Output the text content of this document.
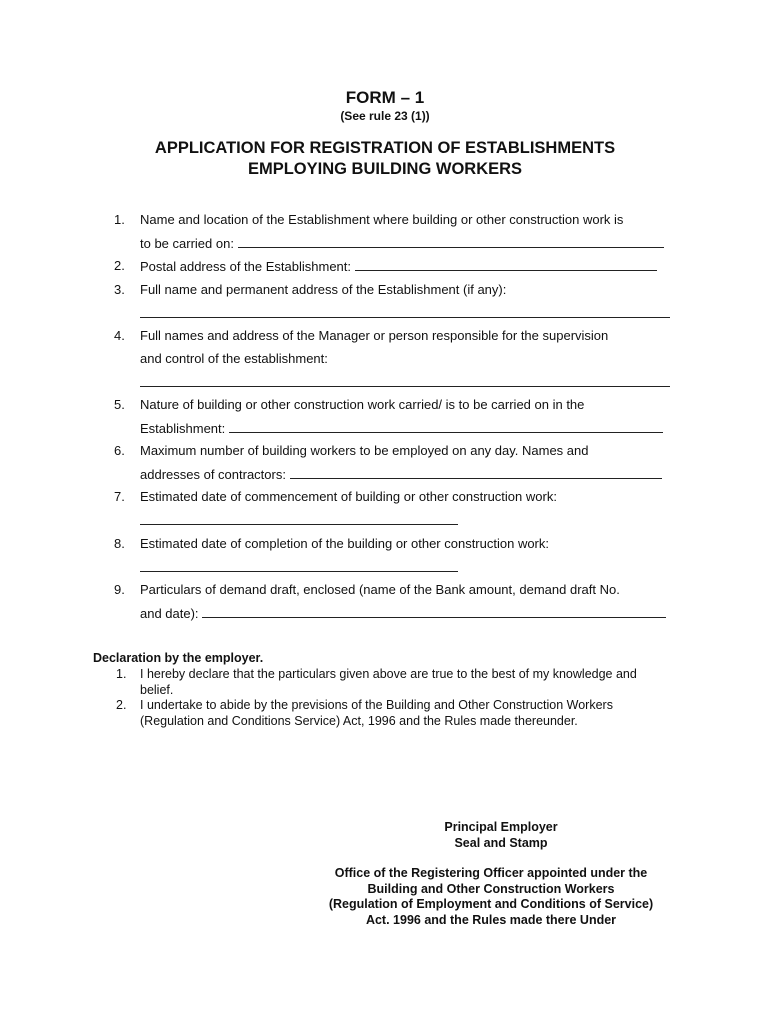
FORM – 1
(See rule 23 (1))
APPLICATION FOR REGISTRATION OF ESTABLISHMENTS
EMPLOYING BUILDING WORKERS
1.	Name and location of the Establishment where building or other construction work is
to be carried on:
2.	Postal address of the Establishment:
3.	Full name and permanent address of the Establishment (if any):
4.	Full names and address of the Manager or person responsible for the supervision
and control of the establishment:
5.	Nature of building or other construction work carried/ is to be carried on in the
Establishment:
6.	Maximum number of building workers to be employed on any day. Names and
addresses of contractors:
7.	Estimated date of commencement of building or other construction work:
8.	Estimated date of completion of the building or other construction work:
9.	Particulars of demand draft, enclosed (name of the Bank amount, demand draft No.
and date):
Declaration by the employer.
1. I hereby declare that the particulars given above are true to the best of my knowledge and belief.
2. I undertake to abide by the previsions of the Building and Other Construction Workers (Regulation and Conditions Service) Act, 1996 and the Rules made thereunder.
Principal Employer
Seal and Stamp
Office of the Registering Officer appointed under the
Building and Other Construction Workers
(Regulation of Employment and Conditions of Service)
Act. 1996 and the Rules made there Under
